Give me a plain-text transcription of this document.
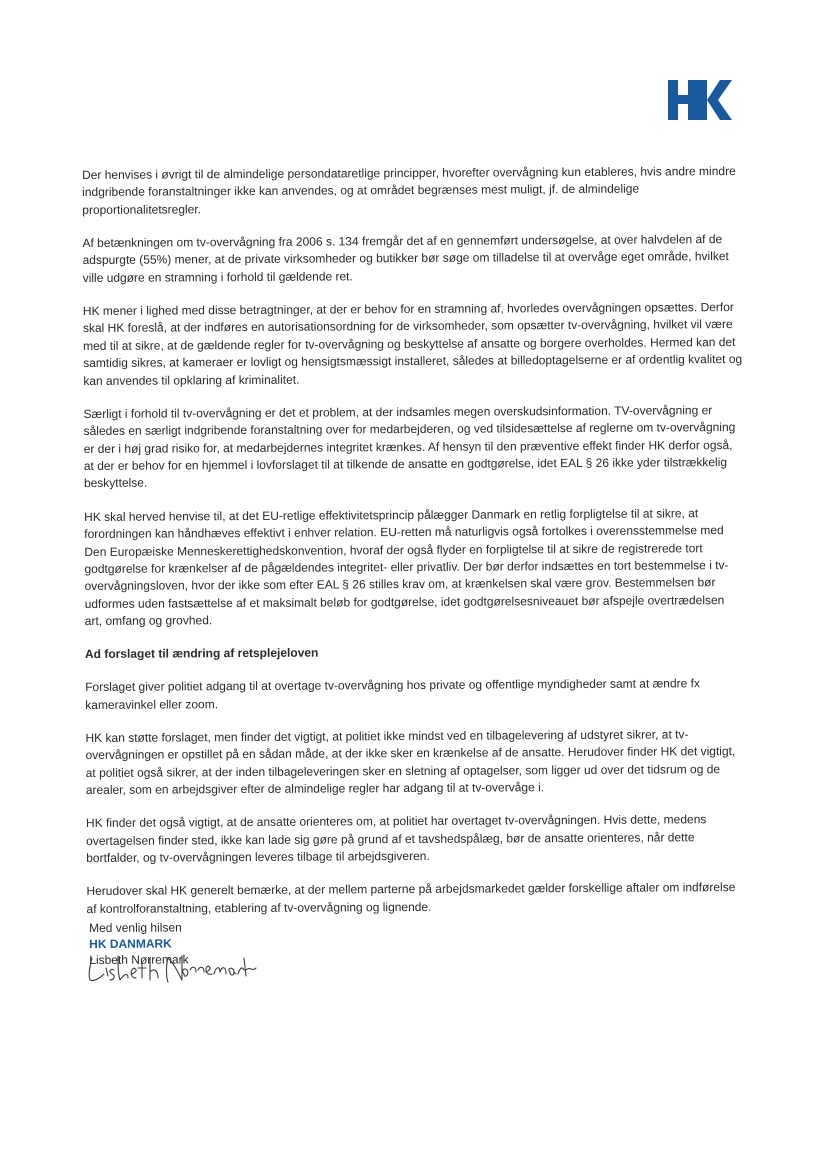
Der henvises i øvrigt til de almindelige persondataretlige principper, hvorefter overvågning kun etableres, hvis andre mindre indgribende foranstaltninger ikke kan anvendes, og at området begrænses mest muligt, jf. de almindelige proportionalitetsregler.

Af betænkningen om tv-overvågning fra 2006 s. 134 fremgår det af en gennemført undersøgelse, at over halvdelen af de adspurgte (55%) mener, at de private virksomheder og butikker bør søge om tilladelse til at overvåge eget område, hvilket ville udgøre en stramning i forhold til gældende ret.

HK mener i lighed med disse betragtninger, at der er behov for en stramning af, hvorledes overvågningen opsættes. Derfor skal HK foreslå, at der indføres en autorisationsordning for de virksomheder, som opsætter tv-overvågning, hvilket vil være med til at sikre, at de gældende regler for tv-overvågning og beskyttelse af ansatte og borgere overholdes. Hermed kan det samtidig sikres, at kameraer er lovligt og hensigtsmæssigt installeret, således at billedoptagelserne er af ordentlig kvalitet og kan anvendes til opklaring af kriminalitet.

Særligt i forhold til tv-overvågning er det et problem, at der indsamles megen overskudsinformation. TV-overvågning er således en særligt indgribende foranstaltning over for medarbejderen, og ved tilsidesættelse af reglerne om tv-overvågning er der i høj grad risiko for, at medarbejdernes integritet krænkes. Af hensyn til den præventive effekt finder HK derfor også, at der er behov for en hjemmel i lovforslaget til at tilkende de ansatte en godtgørelse, idet EAL § 26 ikke yder tilstrækkelig beskyttelse.

HK skal herved henvise til, at det EU-retlige effektivitetsprincip pålægger Danmark en retlig forpligtelse til at sikre, at forordningen kan håndhæves effektivt i enhver relation. EU-retten må naturligvis også fortolkes i overensstemmelse med Den Europæiske Menneskerettighedskonvention, hvoraf der også flyder en forpligtelse til at sikre de registrerede tort godtgørelse for krænkelser af de pågældendes integritet- eller privatliv. Der bør derfor indsættes en tort bestemmelse i tv-overvågningsloven, hvor der ikke som efter EAL § 26 stilles krav om, at krænkelsen skal være grov. Bestemmelsen bør udformes uden fastsættelse af et maksimalt beløb for godtgørelse, idet godtgørelsesniveauet bør afspejle overtrædelsen art, omfang og grovhed.

Ad forslaget til ændring af retsplejeloven

Forslaget giver politiet adgang til at overtage tv-overvågning hos private og offentlige myndigheder samt at ændre fx kameravinkel eller zoom.

HK kan støtte forslaget, men finder det vigtigt, at politiet ikke mindst ved en tilbagelevering af udstyret sikrer, at tv-overvågningen er opstillet på en sådan måde, at der ikke sker en krænkelse af de ansatte. Herudover finder HK det vigtigt, at politiet også sikrer, at der inden tilbageleveringen sker en sletning af optagelser, som ligger ud over det tidsrum og de arealer, som en arbejdsgiver efter de almindelige regler har adgang til at tv-overvåge i.

HK finder det også vigtigt, at de ansatte orienteres om, at politiet har overtaget tv-overvågningen. Hvis dette, medens overtagelsen finder sted, ikke kan lade sig gøre på grund af et tavshedspålæg, bør de ansatte orienteres, når dette bortfalder, og tv-overvågningen leveres tilbage til arbejdsgiveren.

Herudover skal HK generelt bemærke, at der mellem parterne på arbejdsmarkedet gælder forskellige aftaler om indførelse af kontrolforanstaltning, etablering af tv-overvågning og lignende.

Med venlig hilsen
HK DANMARK
Lisbeth Nørremark
